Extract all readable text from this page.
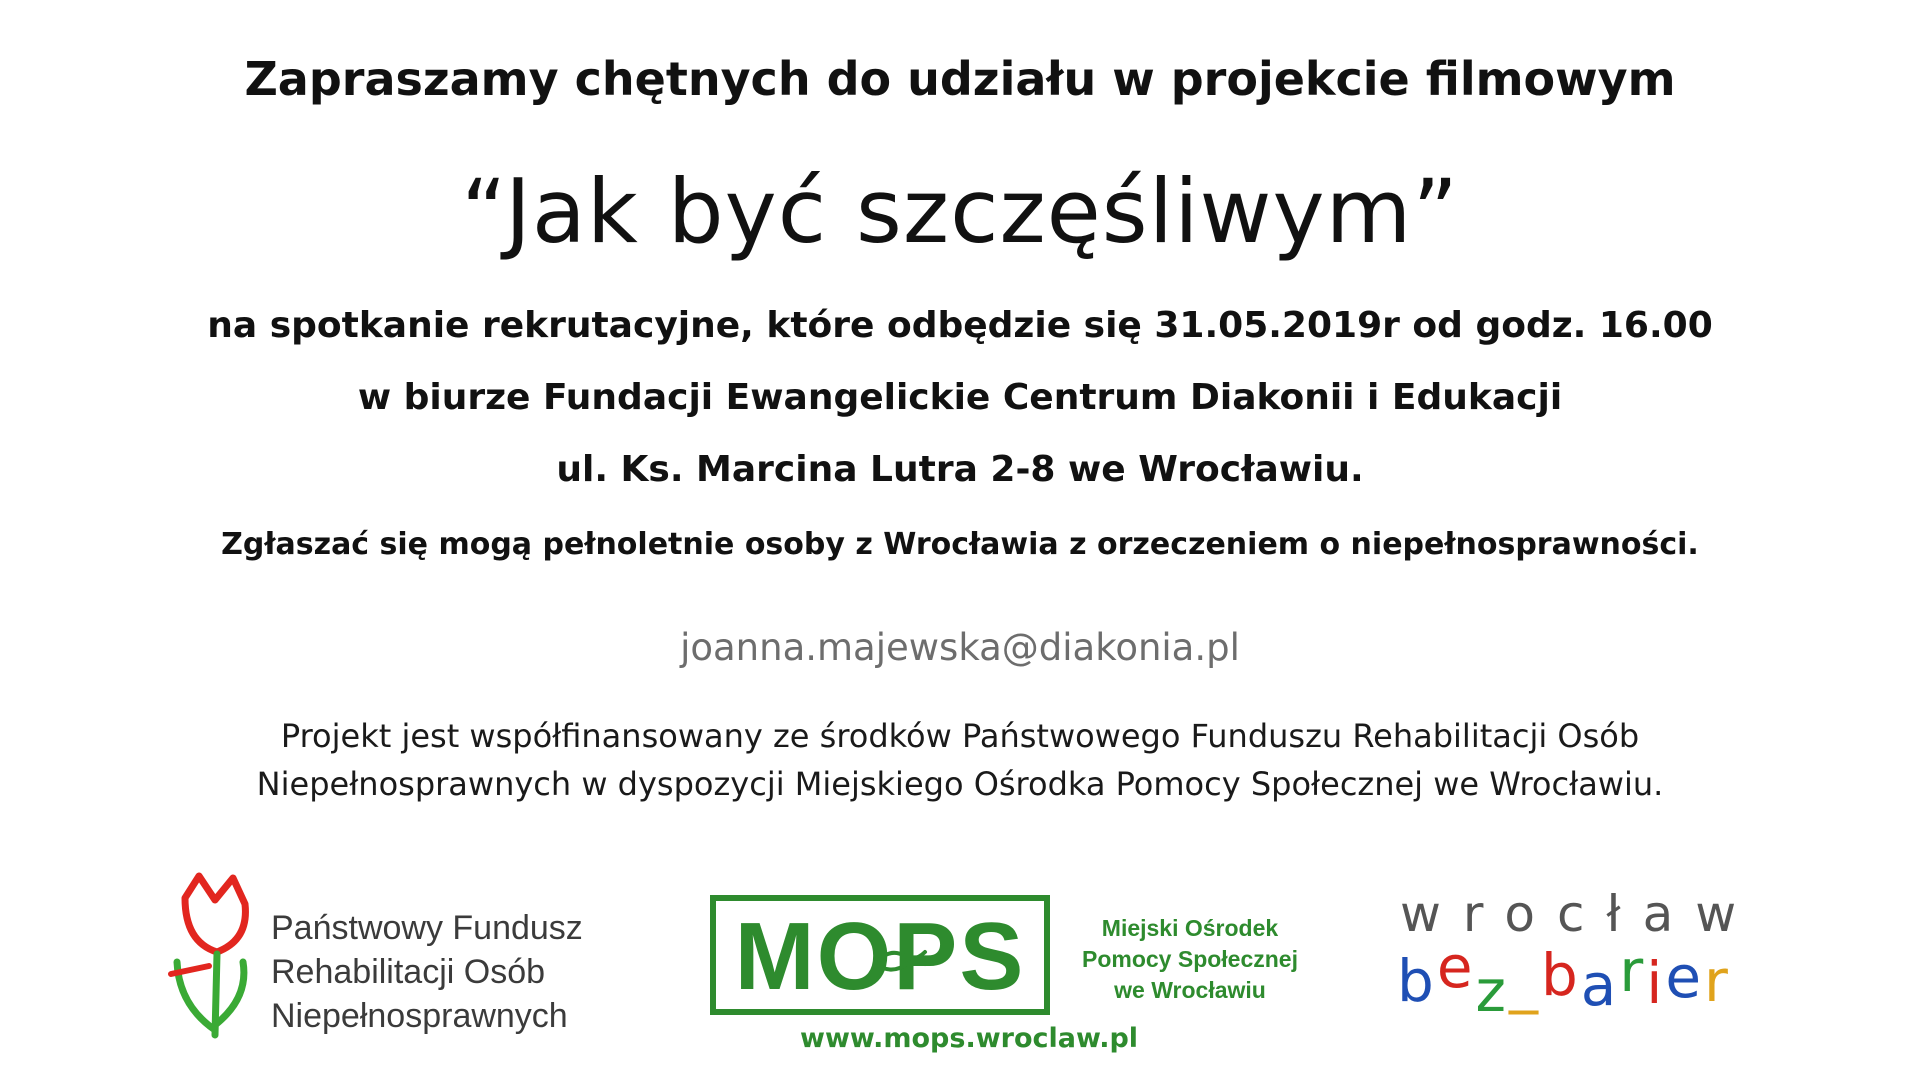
Zapraszamy chętnych do udziału w projekcie filmowym
“Jak być szczęśliwym”
na spotkanie rekrutacyjne, które odbędzie się 31.05.2019r od godz. 16.00
w biurze Fundacji Ewangelickie Centrum Diakonii i Edukacji
ul. Ks. Marcina Lutra 2-8 we Wrocławiu.
Zgłaszać się mogą pełnoletnie osoby z Wrocławia z orzeczeniem o niepełnosprawności.
joanna.majewska@diakonia.pl
Projekt jest współfinansowany ze środków Państwowego Funduszu Rehabilitacji Osób
Niepełnosprawnych w dyspozycji Miejskiego Ośrodka Pomocy Społecznej we Wrocławiu.
Państwowy Fundusz
Rehabilitacji Osób
Niepełnosprawnych
MOPS	Miejski Ośrodek
Pomocy Społecznej
we Wrocławiu
www.mops.wroclaw.pl
wrocław
bez_barier
